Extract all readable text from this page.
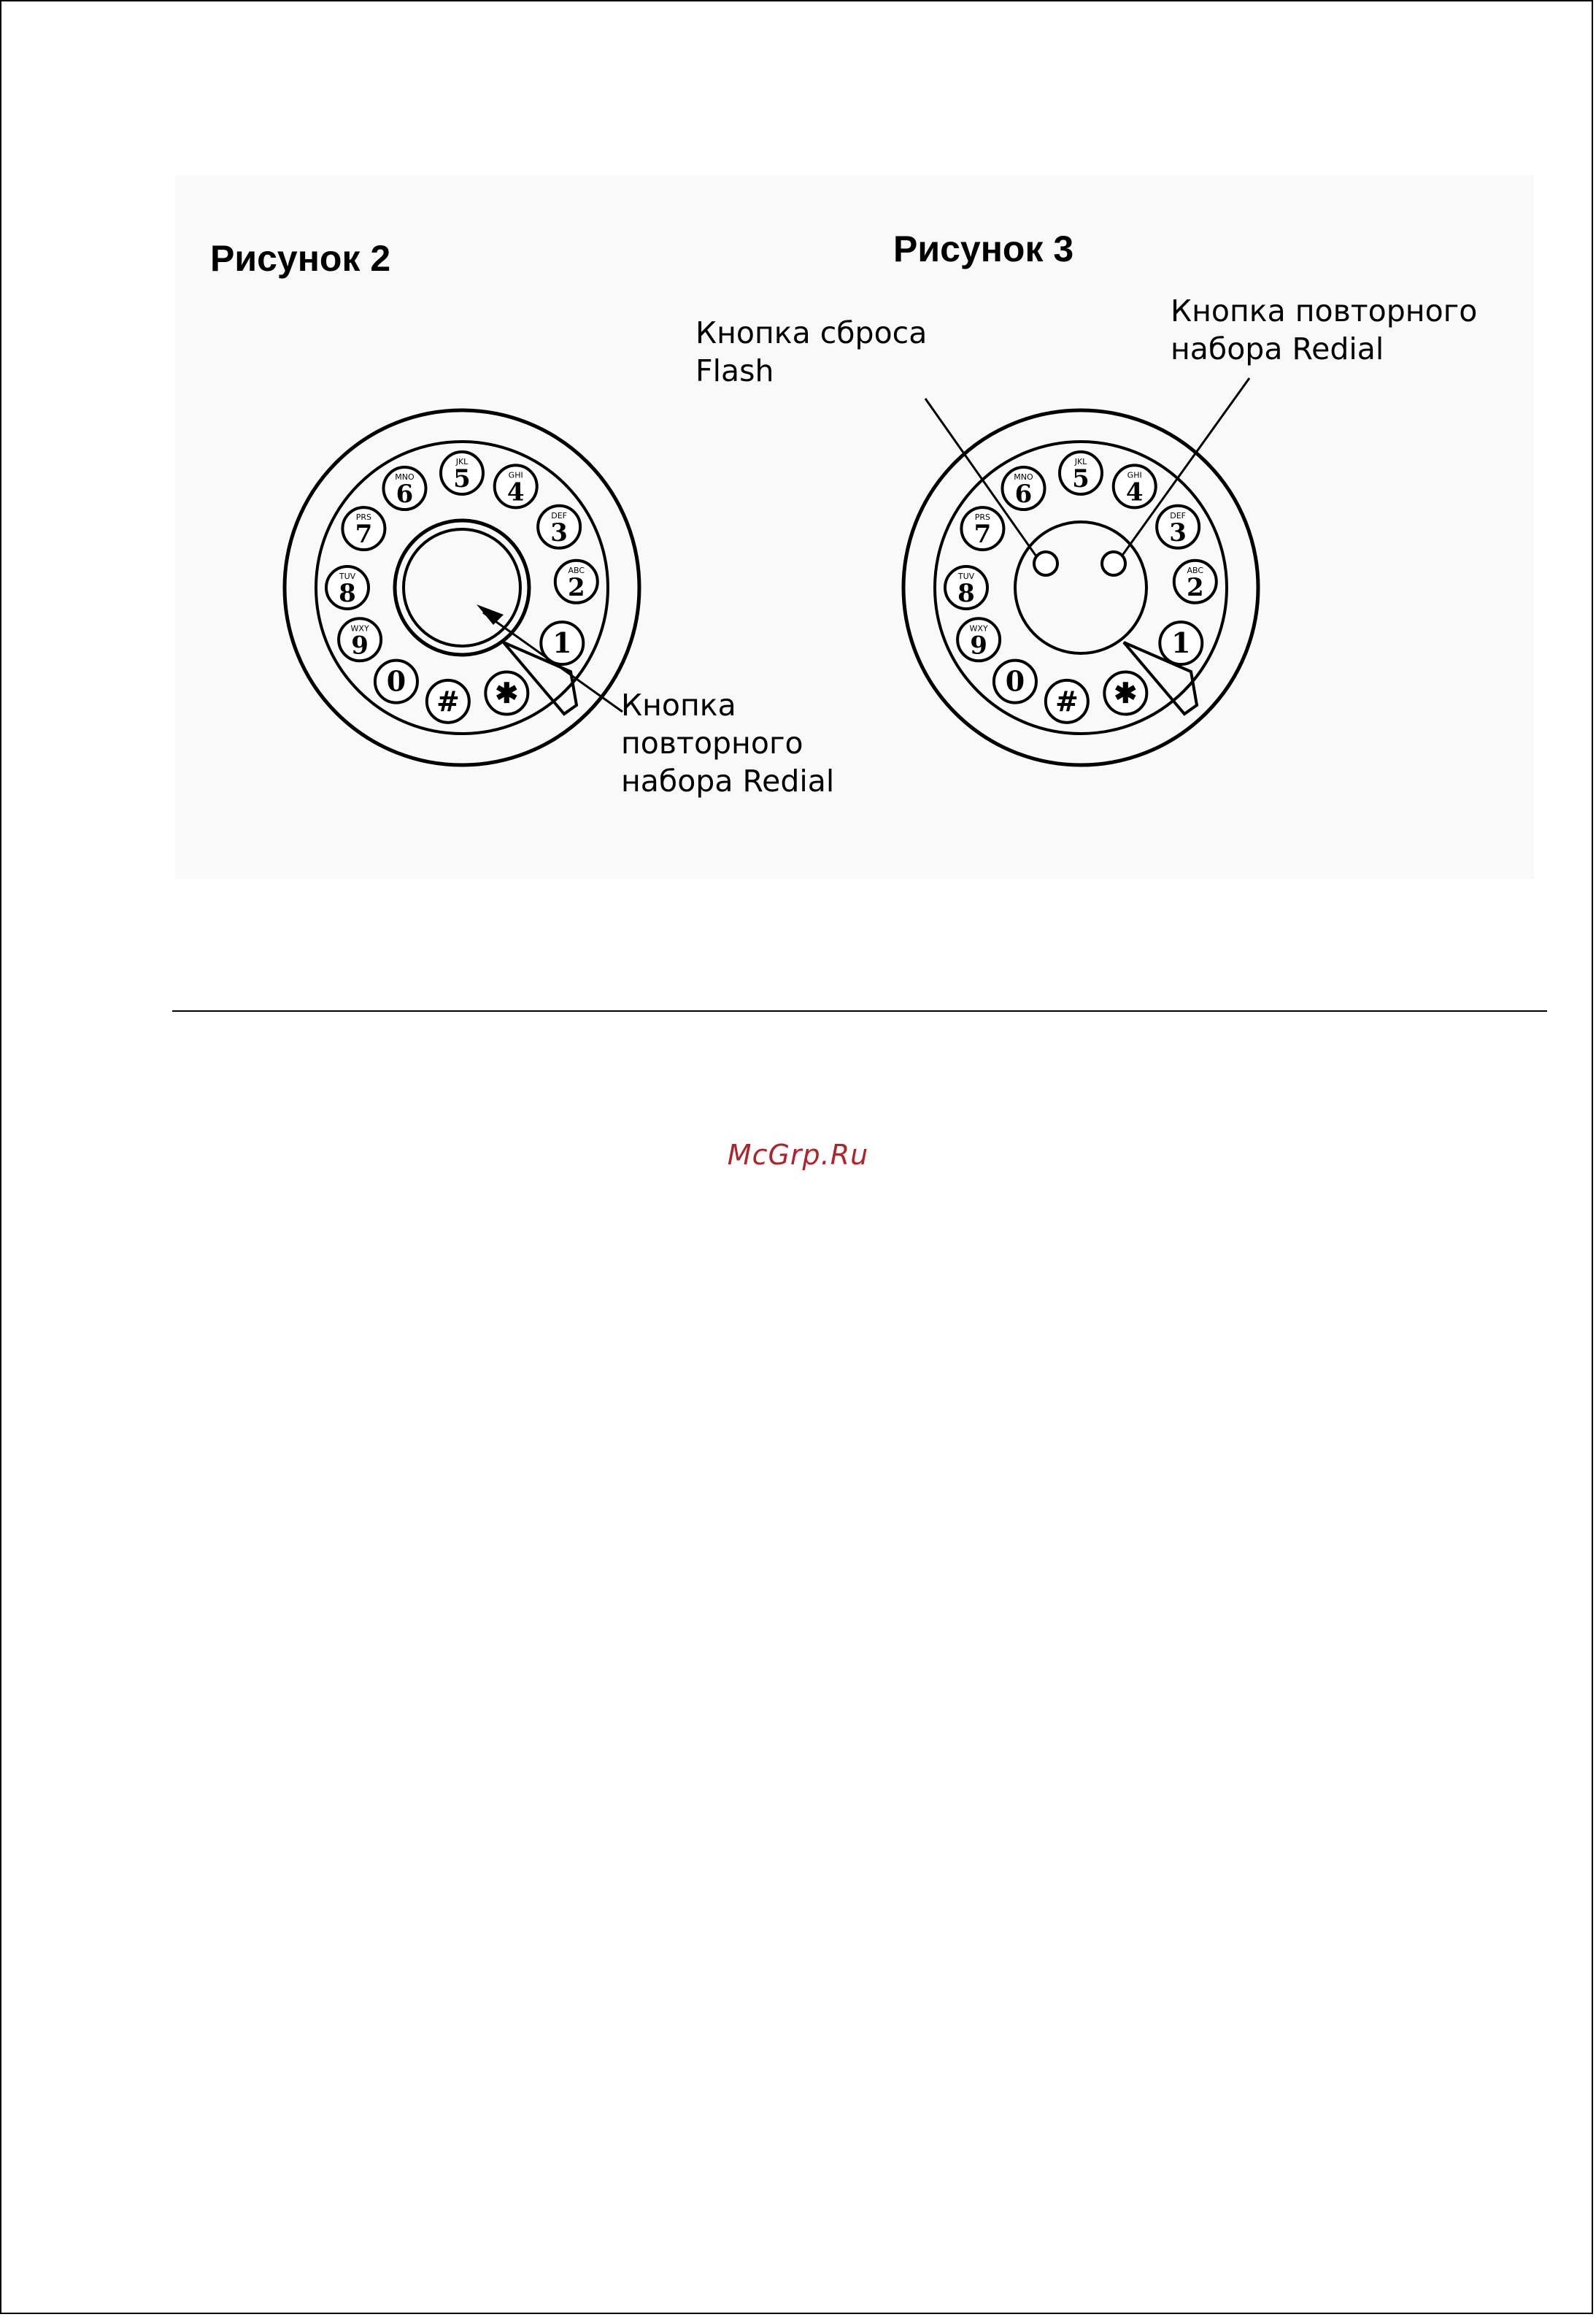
1
ABC
2
DEF
3
GHI
4
JKL
5
MNO
6
PRS
7
TUV
8
WXY
9
0
# ✱
1
ABC
2
DEF
3
GHI
4
JKL
5
MNO
6
PRS
7
TUV
8
WXY
9
0
# ✱
Рисунок 2	Рисунок 3
Кнопка
повторного
набора Redial
Кнопка сброса
Flash
Кнопка повторного
набора Redial
McGrp.Ru
